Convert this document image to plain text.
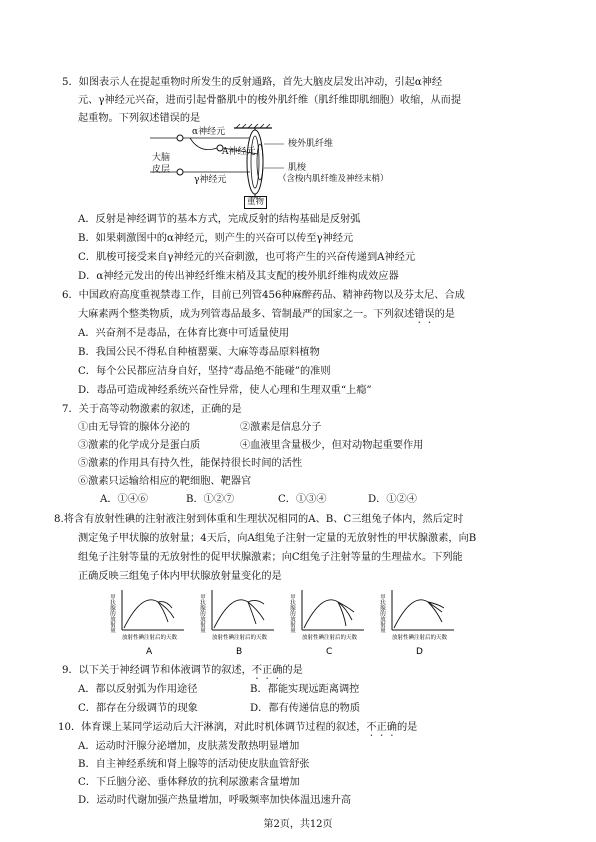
5．如图表示人在提起重物时所发生的反射通路，首先大脑皮层发出冲动，引起α神经
元、γ神经元兴奋，进而引起骨骼肌中的梭外肌纤维（肌纤维即肌细胞）收缩，从而提
起重物。下列叙述错误的是
大脑
皮层
α神经元
A神经元
γ神经元
梭外肌纤维
肌梭
（含梭内肌纤维及神经末梢）
重物
A．反射是神经调节的基本方式，完成反射的结构基础是反射弧
B．如果刺激图中的α神经元，则产生的兴奋可以传至γ神经元
C．肌梭可接受来自γ神经元的兴奋刺激，也可将产生的兴奋传递到A神经元
D．α神经元发出的传出神经纤维末梢及其支配的梭外肌纤维构成效应器
6．中国政府高度重视禁毒工作，目前已列管456种麻醉药品、精神药物以及芬太尼、合成
大麻素两个整类物质，成为列管毒品最多、管制最严的国家之一。下列叙述错误的是
A．兴奋剂不是毒品，在体育比赛中可适量使用
B．我国公民不得私自种植罂粟、大麻等毒品原料植物
C．每个公民都应洁身自好，坚持“毒品绝不能碰”的准则
D．毒品可造成神经系统兴奋性异常，使人心理和生理双重“上瘾”
7．关于高等动物激素的叙述，正确的是
①由无导管的腺体分泌的	②激素是信息分子
③激素的化学成分是蛋白质	④血液里含量极少，但对动物起重要作用
⑤激素的作用具有持久性，能保持很长时间的活性
⑥激素只运输给相应的靶细胞、靶器官
A．①④⑥	B．①②⑦	C．①③④	D．①②④
8.将含有放射性碘的注射液注射到体重和生理状况相同的A、B、C三组兔子体内，然后定时
测定兔子甲状腺的放射量；4天后，向A组兔子注射一定量的无放射性的甲状腺激素，向B
组兔子注射等量的无放射性的促甲状腺激素；向C组兔子注射等量的生理盐水。下列能
正确反映三组兔子体内甲状腺放射量变化的是
甲状腺的放射量
放射性碘注射后的天数
A
甲状腺的放射量
放射性碘注射后的天数
B
甲状腺的放射量
放射性碘注射后的天数
C
甲状腺的放射量
放射性碘注射后的天数
D
9．以下关于神经调节和体液调节的叙述，不正确的是
A．都以反射弧为作用途径	B．都能实现远距离调控
C．都存在分级调节的现象	D．都有传递信息的物质
10．体育课上某同学运动后大汗淋漓，对此时机体调节过程的叙述，不正确的是
A．运动时汗腺分泌增加，皮肤蒸发散热明显增加
第2页，共12页
B．自主神经系统和肾上腺等的活动使皮肤血管舒张
C．下丘脑分泌、垂体释放的抗利尿激素含量增加
D．运动时代谢加强产热量增加，呼吸频率加快体温迅速升高
